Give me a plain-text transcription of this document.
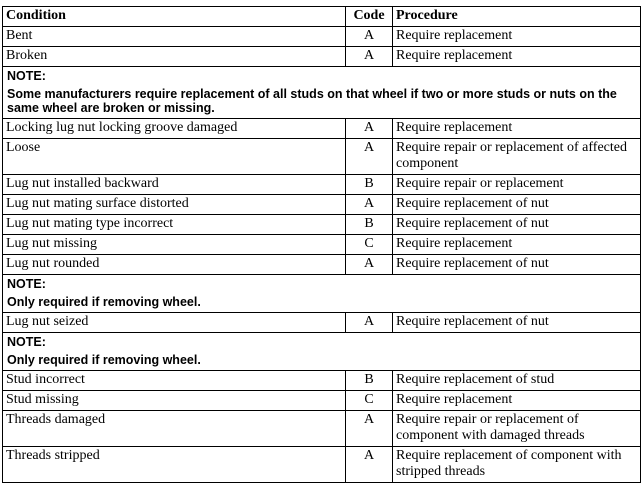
Condition	Code	Procedure
Bent	A	Require replacement
Broken	A	Require replacement

NOTE:
Some manufacturers require replacement of all studs on that wheel if two or more studs or nuts on the same wheel are broken or missing.		

Locking lug nut locking groove damaged	A	Require replacement
Loose	A	Require repair or replacement of affected component
Lug nut installed backward	B	Require repair or replacement
Lug nut mating surface distorted	A	Require replacement of nut
Lug nut mating type incorrect	B	Require replacement of nut
Lug nut missing	C	Require replacement
Lug nut rounded	A	Require replacement of nut

NOTE:
Only required if removing wheel.		

Lug nut seized	A	Require replacement of nut

NOTE:
Only required if removing wheel.		

Stud incorrect	B	Require replacement of stud
Stud missing	C	Require replacement
Threads damaged	A	Require repair or replacement of component with damaged threads
Threads stripped	A	Require replacement of component with stripped threads
